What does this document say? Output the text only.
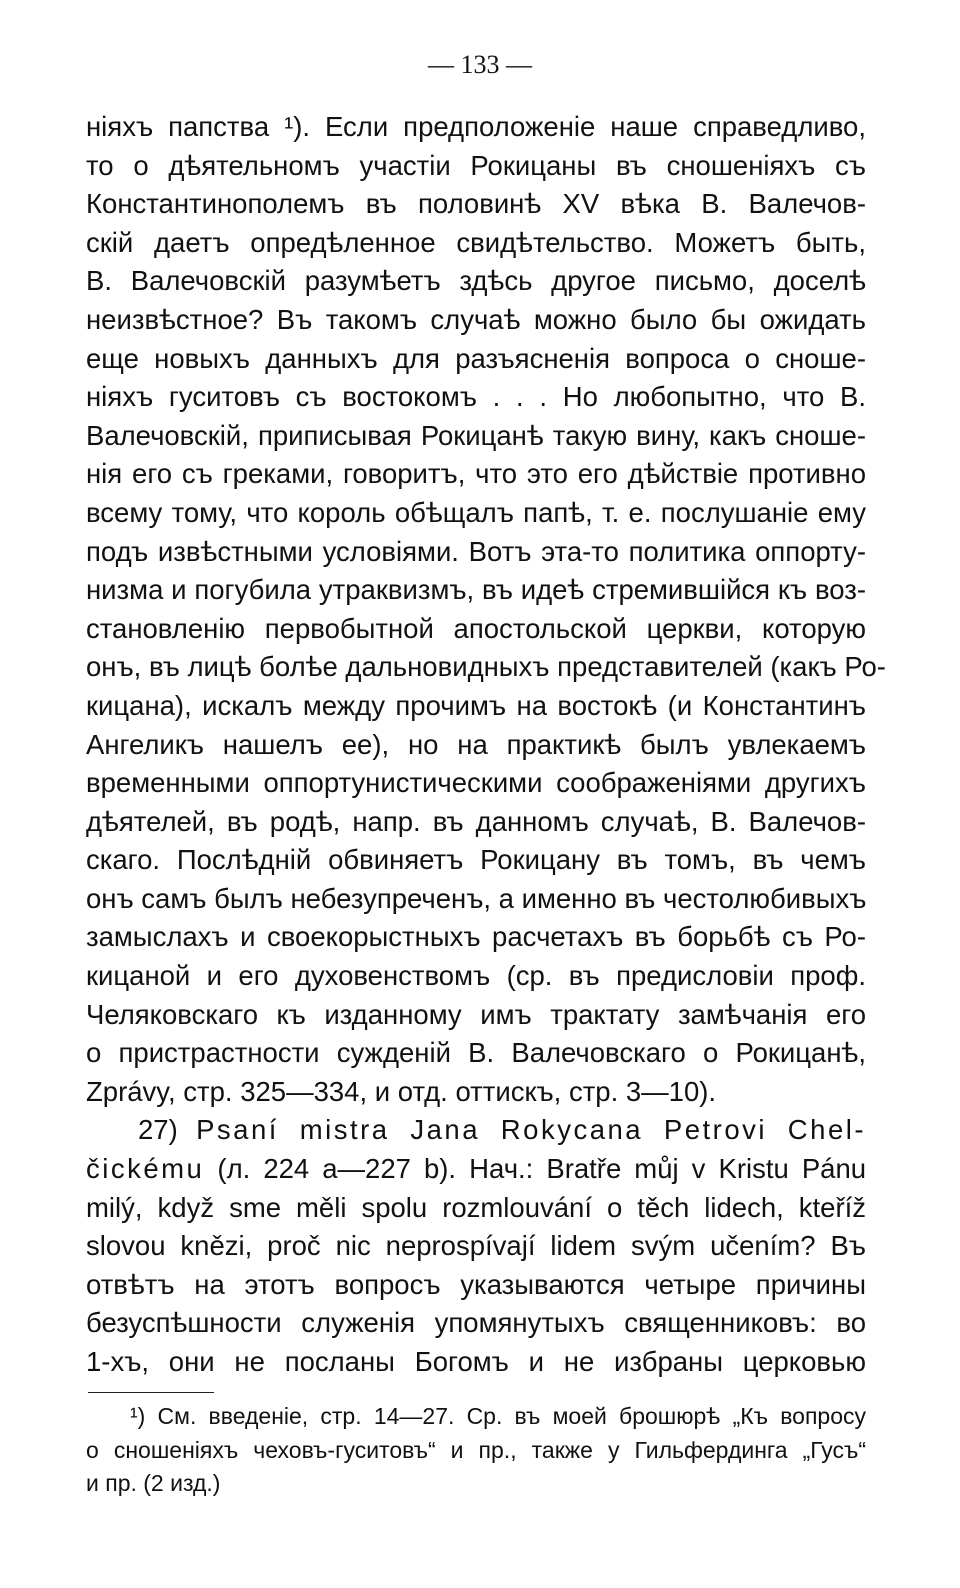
— 133 —
ніяхъ папства ¹). Если предположеніе наше справедливо,
то о дѣятельномъ участіи Рокицаны въ сношеніяхъ съ
Константинополемъ въ половинѣ XV вѣка В. Валечов-
скій даетъ опредѣленное свидѣтельство. Можетъ быть,
В. Валечовскій разумѣетъ здѣсь другое письмо, доселѣ
неизвѣстное? Въ такомъ случаѣ можно было бы ожидать
еще новыхъ данныхъ для разъясненія вопроса о сноше-
ніяхъ гуситовъ съ востокомъ . . . Но любопытно, что В.
Валечовскій, приписывая Рокицанѣ такую вину, какъ сноше-
нія его съ греками, говоритъ, что это его дѣйствіе противно
всему тому, что король обѣщалъ папѣ, т. е. послушаніе ему
подъ извѣстными условіями. Вотъ эта-то политика оппорту-
низма и погубила утраквизмъ, въ идеѣ стремившійся къ воз-
становленію первобытной апостольской церкви, которую
онъ, въ лицѣ болѣе дальновидныхъ представителей (какъ Ро-
кицана), искалъ между прочимъ на востокѣ (и Константинъ
Ангеликъ нашелъ ее), но на практикѣ былъ увлекаемъ
временными оппортунистическими соображеніями другихъ
дѣятелей, въ родѣ, напр. въ данномъ случаѣ, В. Валечов-
скаго. Послѣдній обвиняетъ Рокицану въ томъ, въ чемъ
онъ самъ былъ небезупреченъ, а именно въ честолюбивыхъ
замыслахъ и своекорыстныхъ расчетахъ въ борьбѣ съ Ро-
кицаной и его духовенствомъ (ср. въ предисловіи проф.
Челяковскаго къ изданному имъ трактату замѣчанія его
о пристрастности сужденій В. Валечовскаго о Рокицанѣ,
Zprávy, стр. 325—334, и отд. оттискъ, стр. 3—10).
27) Psaní mistra Jana Rokycana Petrovi Chel-
čickému (л. 224 a—227 b). Нач.: Bratře můj v Kristu Pánu
milý, když sme měli spolu rozmlouvání o těch lidech, kteříž
slovou knězi, proč nic neprospívají lidem svým učením? Въ
отвѣтъ на этотъ вопросъ указываются четыре причины
безуспѣшности служенія упомянутыхъ священниковъ: во
1-хъ, они не посланы Богомъ и не избраны церковью
¹) См. введеніе, стр. 14—27. Ср. въ моей брошюрѣ „Къ вопросу
о сношеніяхъ чеховъ-гуситовъ“ и пр., также у Гильфердинга „Гусъ“
и пр. (2 изд.)
